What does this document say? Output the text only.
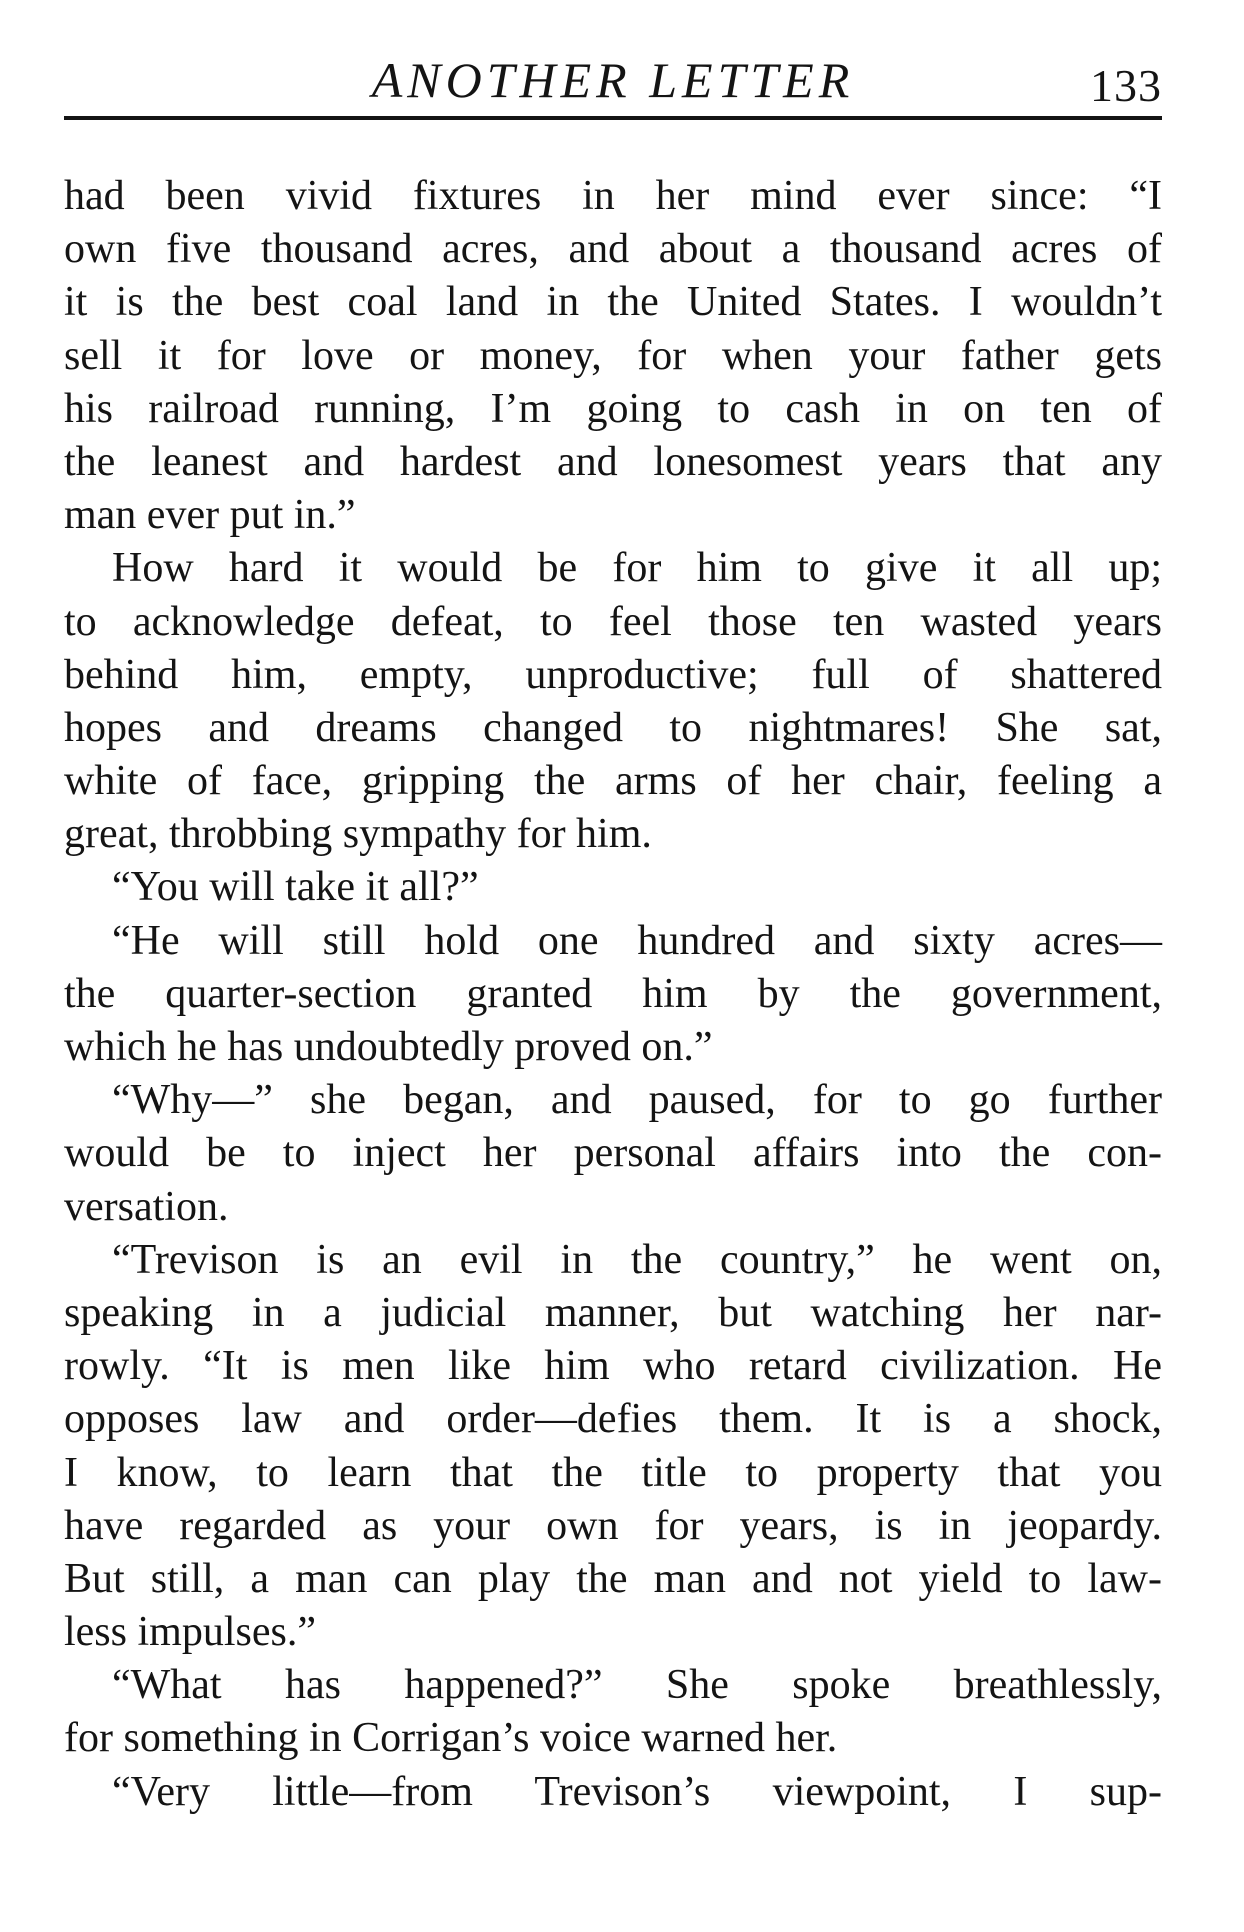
ANOTHER LETTER	133
had been vivid fixtures in her mind ever since: “I
own five thousand acres, and about a thousand acres of
it is the best coal land in the United States. I wouldn’t
sell it for love or money, for when your father gets
his railroad running, I’m going to cash in on ten of
the leanest and hardest and lonesomest years that any
man ever put in.”
How hard it would be for him to give it all up;
to acknowledge defeat, to feel those ten wasted years
behind him, empty, unproductive; full of shattered
hopes and dreams changed to nightmares! She sat,
white of face, gripping the arms of her chair, feeling a
great, throbbing sympathy for him.
“You will take it all?”
“He will still hold one hundred and sixty acres—
the quarter-section granted him by the government,
which he has undoubtedly proved on.”
“Why—” she began, and paused, for to go further
would be to inject her personal affairs into the con-
versation.
“Trevison is an evil in the country,” he went on,
speaking in a judicial manner, but watching her nar-
rowly. “It is men like him who retard civilization. He
opposes law and order—defies them. It is a shock,
I know, to learn that the title to property that you
have regarded as your own for years, is in jeopardy.
But still, a man can play the man and not yield to law-
less impulses.”
“What has happened?” She spoke breathlessly,
for something in Corrigan’s voice warned her.
“Very little—from Trevison’s viewpoint, I sup-
